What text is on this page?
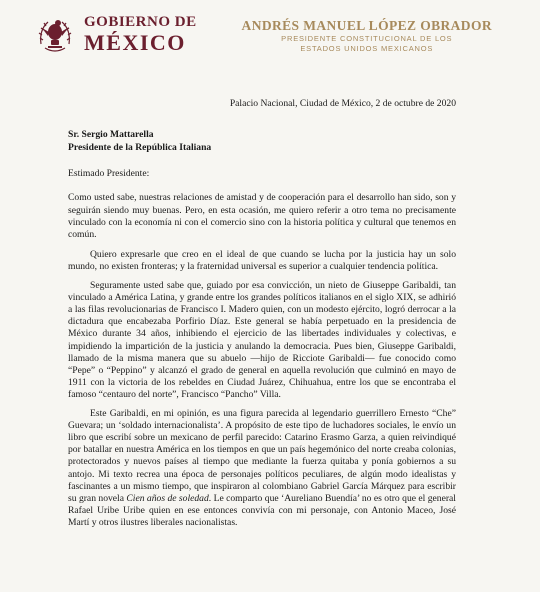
GOBIERNO DE
MÉXICO
ANDRÉS MANUEL LÓPEZ OBRADOR
PRESIDENTE CONSTITUCIONAL DE LOS
ESTADOS UNIDOS MEXICANOS

Palacio Nacional, Ciudad de México, 2 de octubre de 2020

Sr. Sergio Mattarella
Presidente de la República Italiana

Estimado Presidente:

Como usted sabe, nuestras relaciones de amistad y de cooperación para el desarrollo han sido, son y seguirán siendo muy buenas. Pero, en esta ocasión, me quiero referir a otro tema no precisamente vinculado con la economía ni con el comercio sino con la historia política y cultural que tenemos en común.

Quiero expresarle que creo en el ideal de que cuando se lucha por la justicia hay un solo mundo, no existen fronteras; y la fraternidad universal es superior a cualquier tendencia política.

Seguramente usted sabe que, guiado por esa convicción, un nieto de Giuseppe Garibaldi, tan vinculado a América Latina, y grande entre los grandes políticos italianos en el siglo XIX, se adhirió a las filas revolucionarias de Francisco I. Madero quien, con un modesto ejército, logró derrocar a la dictadura que encabezaba Porfirio Díaz. Este general se había perpetuado en la presidencia de México durante 34 años, inhibiendo el ejercicio de las libertades individuales y colectivas, e impidiendo la impartición de la justicia y anulando la democracia. Pues bien, Giuseppe Garibaldi, llamado de la misma manera que su abuelo —hijo de Ricciote Garibaldi— fue conocido como “Pepe” o “Peppino” y alcanzó el grado de general en aquella revolución que culminó en mayo de 1911 con la victoria de los rebeldes en Ciudad Juárez, Chihuahua, entre los que se encontraba el famoso “centauro del norte”, Francisco “Pancho” Villa.

Este Garibaldi, en mi opinión, es una figura parecida al legendario guerrillero Ernesto “Che” Guevara; un ‘soldado internacionalista’. A propósito de este tipo de luchadores sociales, le envío un libro que escribí sobre un mexicano de perfil parecido: Catarino Erasmo Garza, a quien reivindiqué por batallar en nuestra América en los tiempos en que un país hegemónico del norte creaba colonias, protectorados y nuevos países al tiempo que mediante la fuerza quitaba y ponía gobiernos a su antojo. Mi texto recrea una época de personajes políticos peculiares, de algún modo idealistas y fascinantes a un mismo tiempo, que inspiraron al colombiano Gabriel García Márquez para escribir su gran novela Cien años de soledad. Le comparto que ‘Aureliano Buendía’ no es otro que el general Rafael Uribe Uribe quien en ese entonces convivía con mi personaje, con Antonio Maceo, José Martí y otros ilustres liberales nacionalistas.
